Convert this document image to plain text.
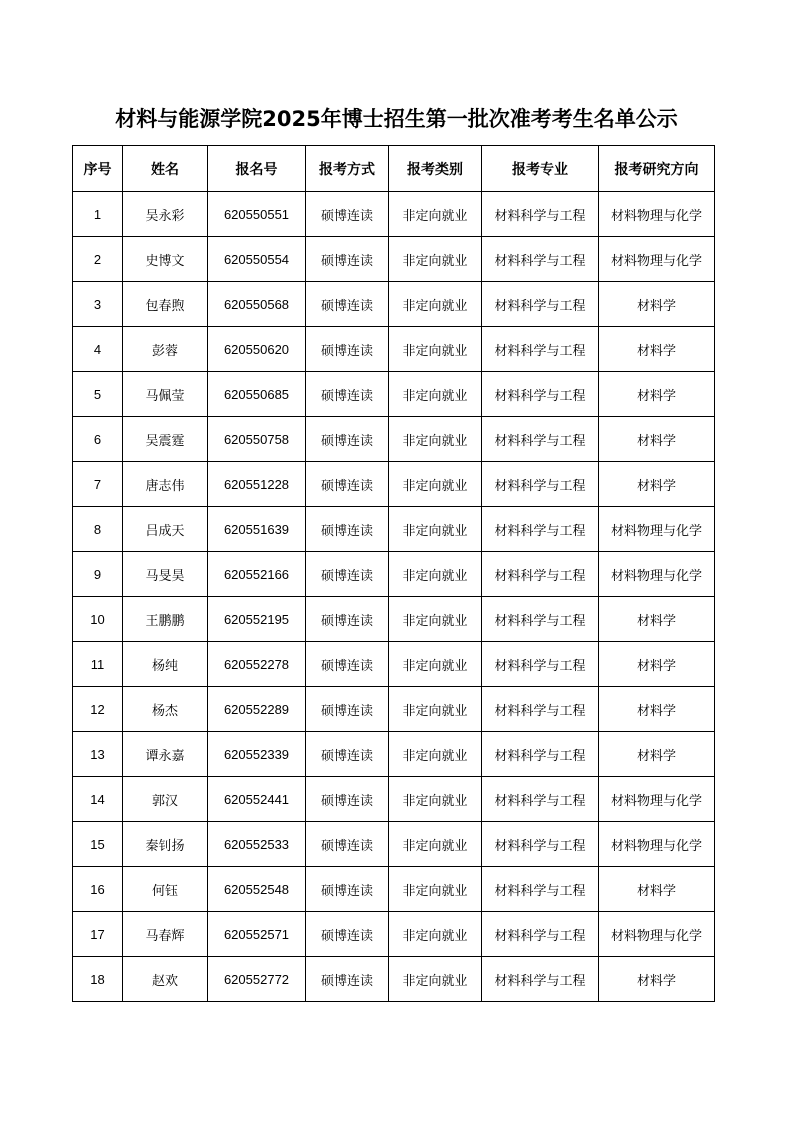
材料与能源学院2025年博士招生第一批次准考考生名单公示
序号	姓名	报名号	报考方式	报考类别	报考专业	报考研究方向
1	吴永彩	620550551	硕博连读	非定向就业	材料科学与工程	材料物理与化学
2	史博文	620550554	硕博连读	非定向就业	材料科学与工程	材料物理与化学
3	包春煦	620550568	硕博连读	非定向就业	材料科学与工程	材料学
4	彭蓉	620550620	硕博连读	非定向就业	材料科学与工程	材料学
5	马佩莹	620550685	硕博连读	非定向就业	材料科学与工程	材料学
6	吴震霆	620550758	硕博连读	非定向就业	材料科学与工程	材料学
7	唐志伟	620551228	硕博连读	非定向就业	材料科学与工程	材料学
8	吕成天	620551639	硕博连读	非定向就业	材料科学与工程	材料物理与化学
9	马旻昊	620552166	硕博连读	非定向就业	材料科学与工程	材料物理与化学
10	王鹏鹏	620552195	硕博连读	非定向就业	材料科学与工程	材料学
11	杨纯	620552278	硕博连读	非定向就业	材料科学与工程	材料学
12	杨杰	620552289	硕博连读	非定向就业	材料科学与工程	材料学
13	谭永嘉	620552339	硕博连读	非定向就业	材料科学与工程	材料学
14	郭汉	620552441	硕博连读	非定向就业	材料科学与工程	材料物理与化学
15	秦钊扬	620552533	硕博连读	非定向就业	材料科学与工程	材料物理与化学
16	何钰	620552548	硕博连读	非定向就业	材料科学与工程	材料学
17	马春辉	620552571	硕博连读	非定向就业	材料科学与工程	材料物理与化学
18	赵欢	620552772	硕博连读	非定向就业	材料科学与工程	材料学
